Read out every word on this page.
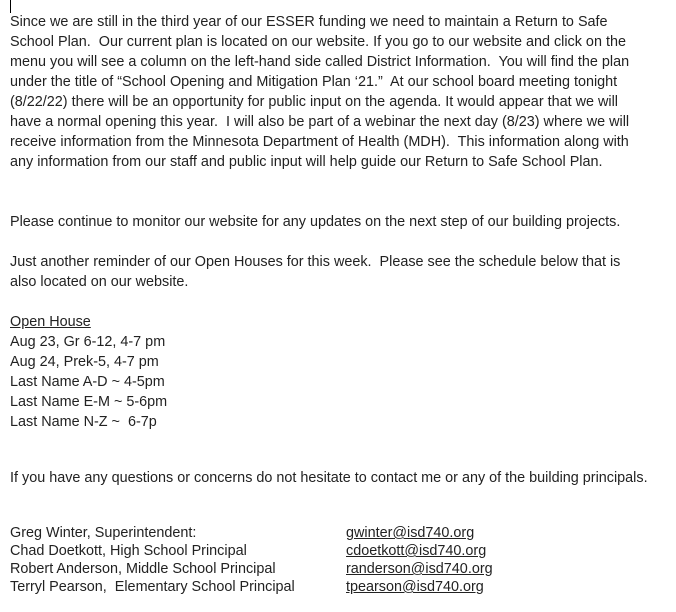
Since we are still in the third year of our ESSER funding we need to maintain a Return to Safe School Plan.  Our current plan is located on our website. If you go to our website and click on the menu you will see a column on the left-hand side called District Information.  You will find the plan under the title of “School Opening and Mitigation Plan ‘21.”  At our school board meeting tonight (8/22/22) there will be an opportunity for public input on the agenda. It would appear that we will have a normal opening this year.  I will also be part of a webinar the next day (8/23) where we will receive information from the Minnesota Department of Health (MDH).  This information along with any information from our staff and public input will help guide our Return to Safe School Plan.

Please continue to monitor our website for any updates on the next step of our building projects.

Just another reminder of our Open Houses for this week.  Please see the schedule below that is also located on our website.

Open House
Aug 23, Gr 6-12, 4-7 pm
Aug 24, Prek-5, 4-7 pm
Last Name A-D ~ 4-5pm
Last Name E-M ~ 5-6pm
Last Name N-Z ~  6-7p

If you have any questions or concerns do not hesitate to contact me or any of the building principals.

Greg Winter, Superintendent:	gwinter@isd740.org
Chad Doetkott, High School Principal	cdoetkott@isd740.org
Robert Anderson, Middle School Principal	randerson@isd740.org
Terryl Pearson,  Elementary School Principal	tpearson@isd740.org
